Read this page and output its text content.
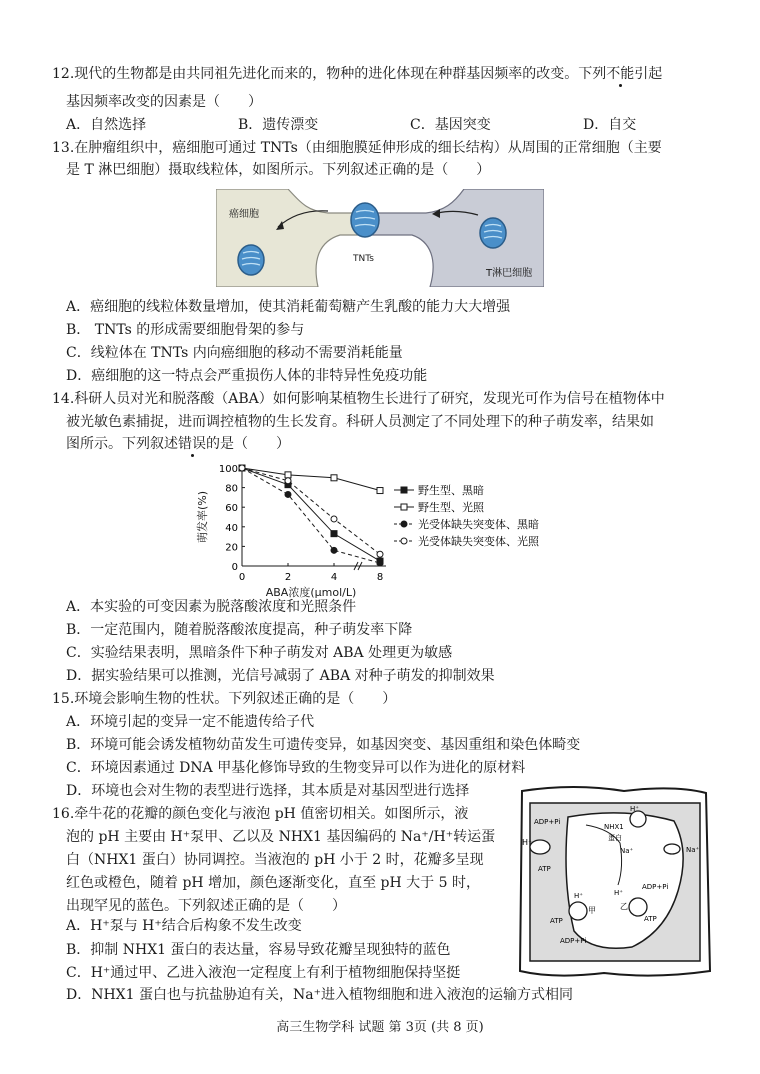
12.现代的生物都是由共同祖先进化而来的，物种的进化体现在种群基因频率的改变。下列不能引起
基因频率改变的因素是（　　）
A．自然选择	B．遗传漂变	C．基因突变	D．自交
13.在肿瘤组织中，癌细胞可通过 TNTs（由细胞膜延伸形成的细长结构）从周围的正常细胞（主要
是 T 淋巴细胞）摄取线粒体，如图所示。下列叙述正确的是（　　）
癌细胞
TNTs
T淋巴细胞
A．癌细胞的线粒体数量增加，使其消耗葡萄糖产生乳酸的能力大大增强
B． TNTs 的形成需要细胞骨架的参与
C．线粒体在 TNTs 内向癌细胞的移动不需要消耗能量
D．癌细胞的这一特点会严重损伤人体的非特异性免疫功能
14.科研人员对光和脱落酸（ABA）如何影响某植物生长进行了研究，发现光可作为信号在植物体中
被光敏色素捕捉，进而调控植物的生长发育。科研人员测定了不同处理下的种子萌发率，结果如
图所示。下列叙述错误的是（　　）
0
20
40
60
80
100
0	2	4	8
野生型、黑暗
野生型、光照
光受体缺失突变体、黑暗
光受体缺失突变体、光照
萌发率(%)
ABA浓度(μmol/L)
A．本实验的可变因素为脱落酸浓度和光照条件
B．一定范围内，随着脱落酸浓度提高，种子萌发率下降
C．实验结果表明，黑暗条件下种子萌发对 ABA 处理更为敏感
D．据实验结果可以推测，光信号减弱了 ABA 对种子萌发的抑制效果
15.环境会影响生物的性状。下列叙述正确的是（　　）
A．环境引起的变异一定不能遗传给子代
B．环境可能会诱发植物幼苗发生可遗传变异，如基因突变、基因重组和染色体畸变
C．环境因素通过 DNA 甲基化修饰导致的生物变异可以作为进化的原材料
D．环境也会对生物的表型进行选择，其本质是对基因型进行选择
16.牵牛花的花瓣的颜色变化与液泡 pH 值密切相关。如图所示，液
泡的 pH 主要由 H⁺泵甲、乙以及 NHX1 基因编码的 Na⁺/H⁺转运蛋
白（NHX1 蛋白）协同调控。当液泡的 pH 小于 2 时，花瓣多呈现
红色或橙色，随着 pH 增加，颜色逐渐变化，直至 pH 大于 5 时，
出现罕见的蓝色。下列叙述正确的是（　　）
A．H⁺泵与 H⁺结合后构象不发生改变
B．抑制 NHX1 蛋白的表达量，容易导致花瓣呈现独特的蓝色
C．H⁺通过甲、乙进入液泡一定程度上有利于植物细胞保持坚挺
D．NHX1 蛋白也与抗盐胁迫有关，Na⁺进入植物细胞和进入液泡的运输方式相同
H⁺
ADP+Pi
ATP
H⁺
NHX1
蛋白
Na⁺	Na⁺
甲
H⁺
ATP
ADP+Pi
乙
H⁺
ADP+Pi
ATP
高三生物学科 试题 第 3页 (共 8 页)
